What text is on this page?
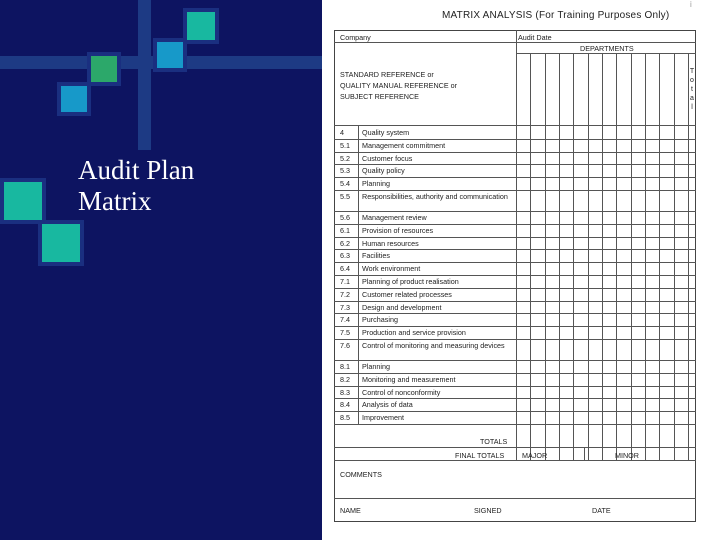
Audit Plan
Matrix
MATRIX ANALYSIS (For Training Purposes Only)
i
Company	Audit Date
DEPARTMENTS
STANDARD REFERENCE or
QUALITY MANUAL REFERENCE or
SUBJECT REFERENCE
T
o
t
a
l
4	Quality system
5.1 Management commitment
5.2 Customer focus
5.3 Quality policy
5.4 Planning
5.5 Responsibilities, authority and communication
5.6 Management review
6.1 Provision of resources
6.2 Human resources
6.3 Facilities
6.4 Work environment
7.1 Planning of product realisation
7.2 Customer related processes
7.3 Design and development
7.4 Purchasing
7.5 Production and service provision
7.6 Control of monitoring and measuring devices
8.1 Planning
8.2 Monitoring and measurement
8.3 Control of nonconformity
8.4 Analysis of data
8.5 Improvement
TOTALS
FINAL TOTALS MAJOR	MINOR
COMMENTS
NAME	SIGNED	DATE
